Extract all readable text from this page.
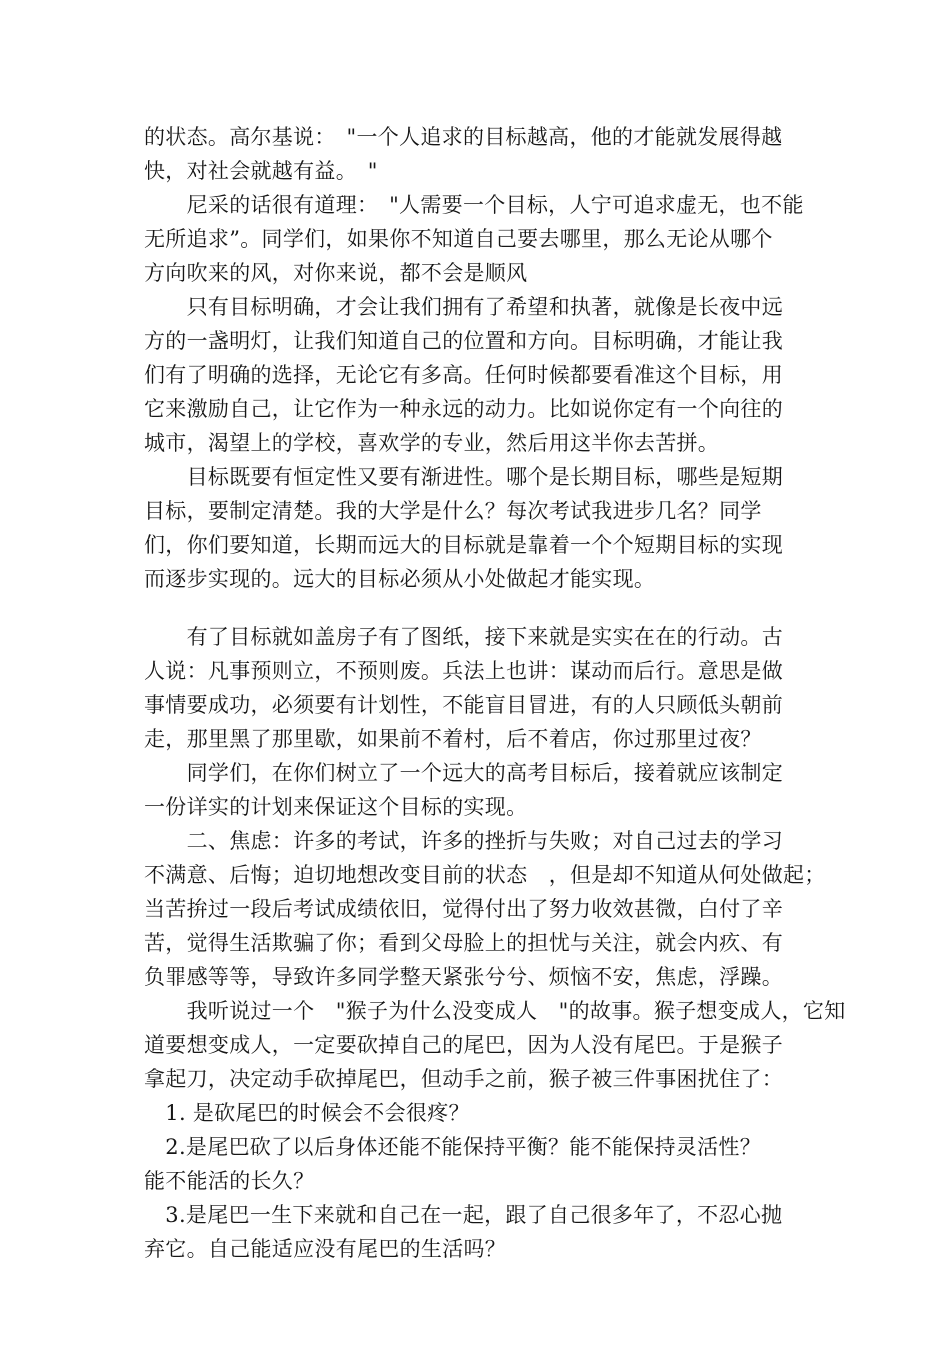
的状态。高尔基说：　"一个人追求的目标越高，他的才能就发展得越
快，对社会就越有益。　"
　　尼采的话很有道理：　"人需要一个目标，人宁可追求虚无，也不能
无所追求”。同学们，如果你不知道自己要去哪里，那么无论从哪个
方向吹来的风，对你来说，都不会是顺风
　　只有目标明确，才会让我们拥有了希望和执著，就像是长夜中远
方的一盏明灯，让我们知道自己的位置和方向。目标明确，才能让我
们有了明确的选择，无论它有多高。任何时候都要看准这个目标，用
它来激励自己，让它作为一种永远的动力。比如说你定有一个向往的
城市，渴望上的学校，喜欢学的专业，然后用这半你去苦拼。
　　目标既要有恒定性又要有渐进性。哪个是长期目标，哪些是短期
目标，要制定清楚。我的大学是什么？每次考试我进步几名？同学
们，你们要知道，长期而远大的目标就是靠着一个个短期目标的实现
而逐步实现的。远大的目标必须从小处做起才能实现。
　　有了目标就如盖房子有了图纸，接下来就是实实在在的行动。古
人说：凡事预则立，不预则废。兵法上也讲：谋动而后行。意思是做
事情要成功，必须要有计划性，不能盲目冒进，有的人只顾低头朝前
走，那里黑了那里歇，如果前不着村，后不着店，你过那里过夜？
　　同学们，在你们树立了一个远大的高考目标后，接着就应该制定
一份详实的计划来保证这个目标的实现。
　　二、焦虑：许多的考试，许多的挫折与失败；对自己过去的学习
不满意、后悔；迫切地想改变目前的状态　，但是却不知道从何处做起；
当苦拚过一段后考试成绩依旧，觉得付出了努力收效甚微，白付了辛
苦，觉得生活欺骗了你；看到父母脸上的担忧与关注，就会内疚、有
负罪感等等，导致许多同学整天紧张兮兮、烦恼不安，焦虑，浮躁。
　　我听说过一个　"猴子为什么没变成人　"的故事。猴子想变成人，它知
道要想变成人，一定要砍掉自己的尾巴，因为人没有尾巴。于是猴子
拿起刀，决定动手砍掉尾巴，但动手之前，猴子被三件事困扰住了：
　1. 是砍尾巴的时候会不会很疼？
　2.是尾巴砍了以后身体还能不能保持平衡？能不能保持灵活性？
能不能活的长久？
　3.是尾巴一生下来就和自己在一起，跟了自己很多年了，不忍心抛
弃它。自己能适应没有尾巴的生活吗？
